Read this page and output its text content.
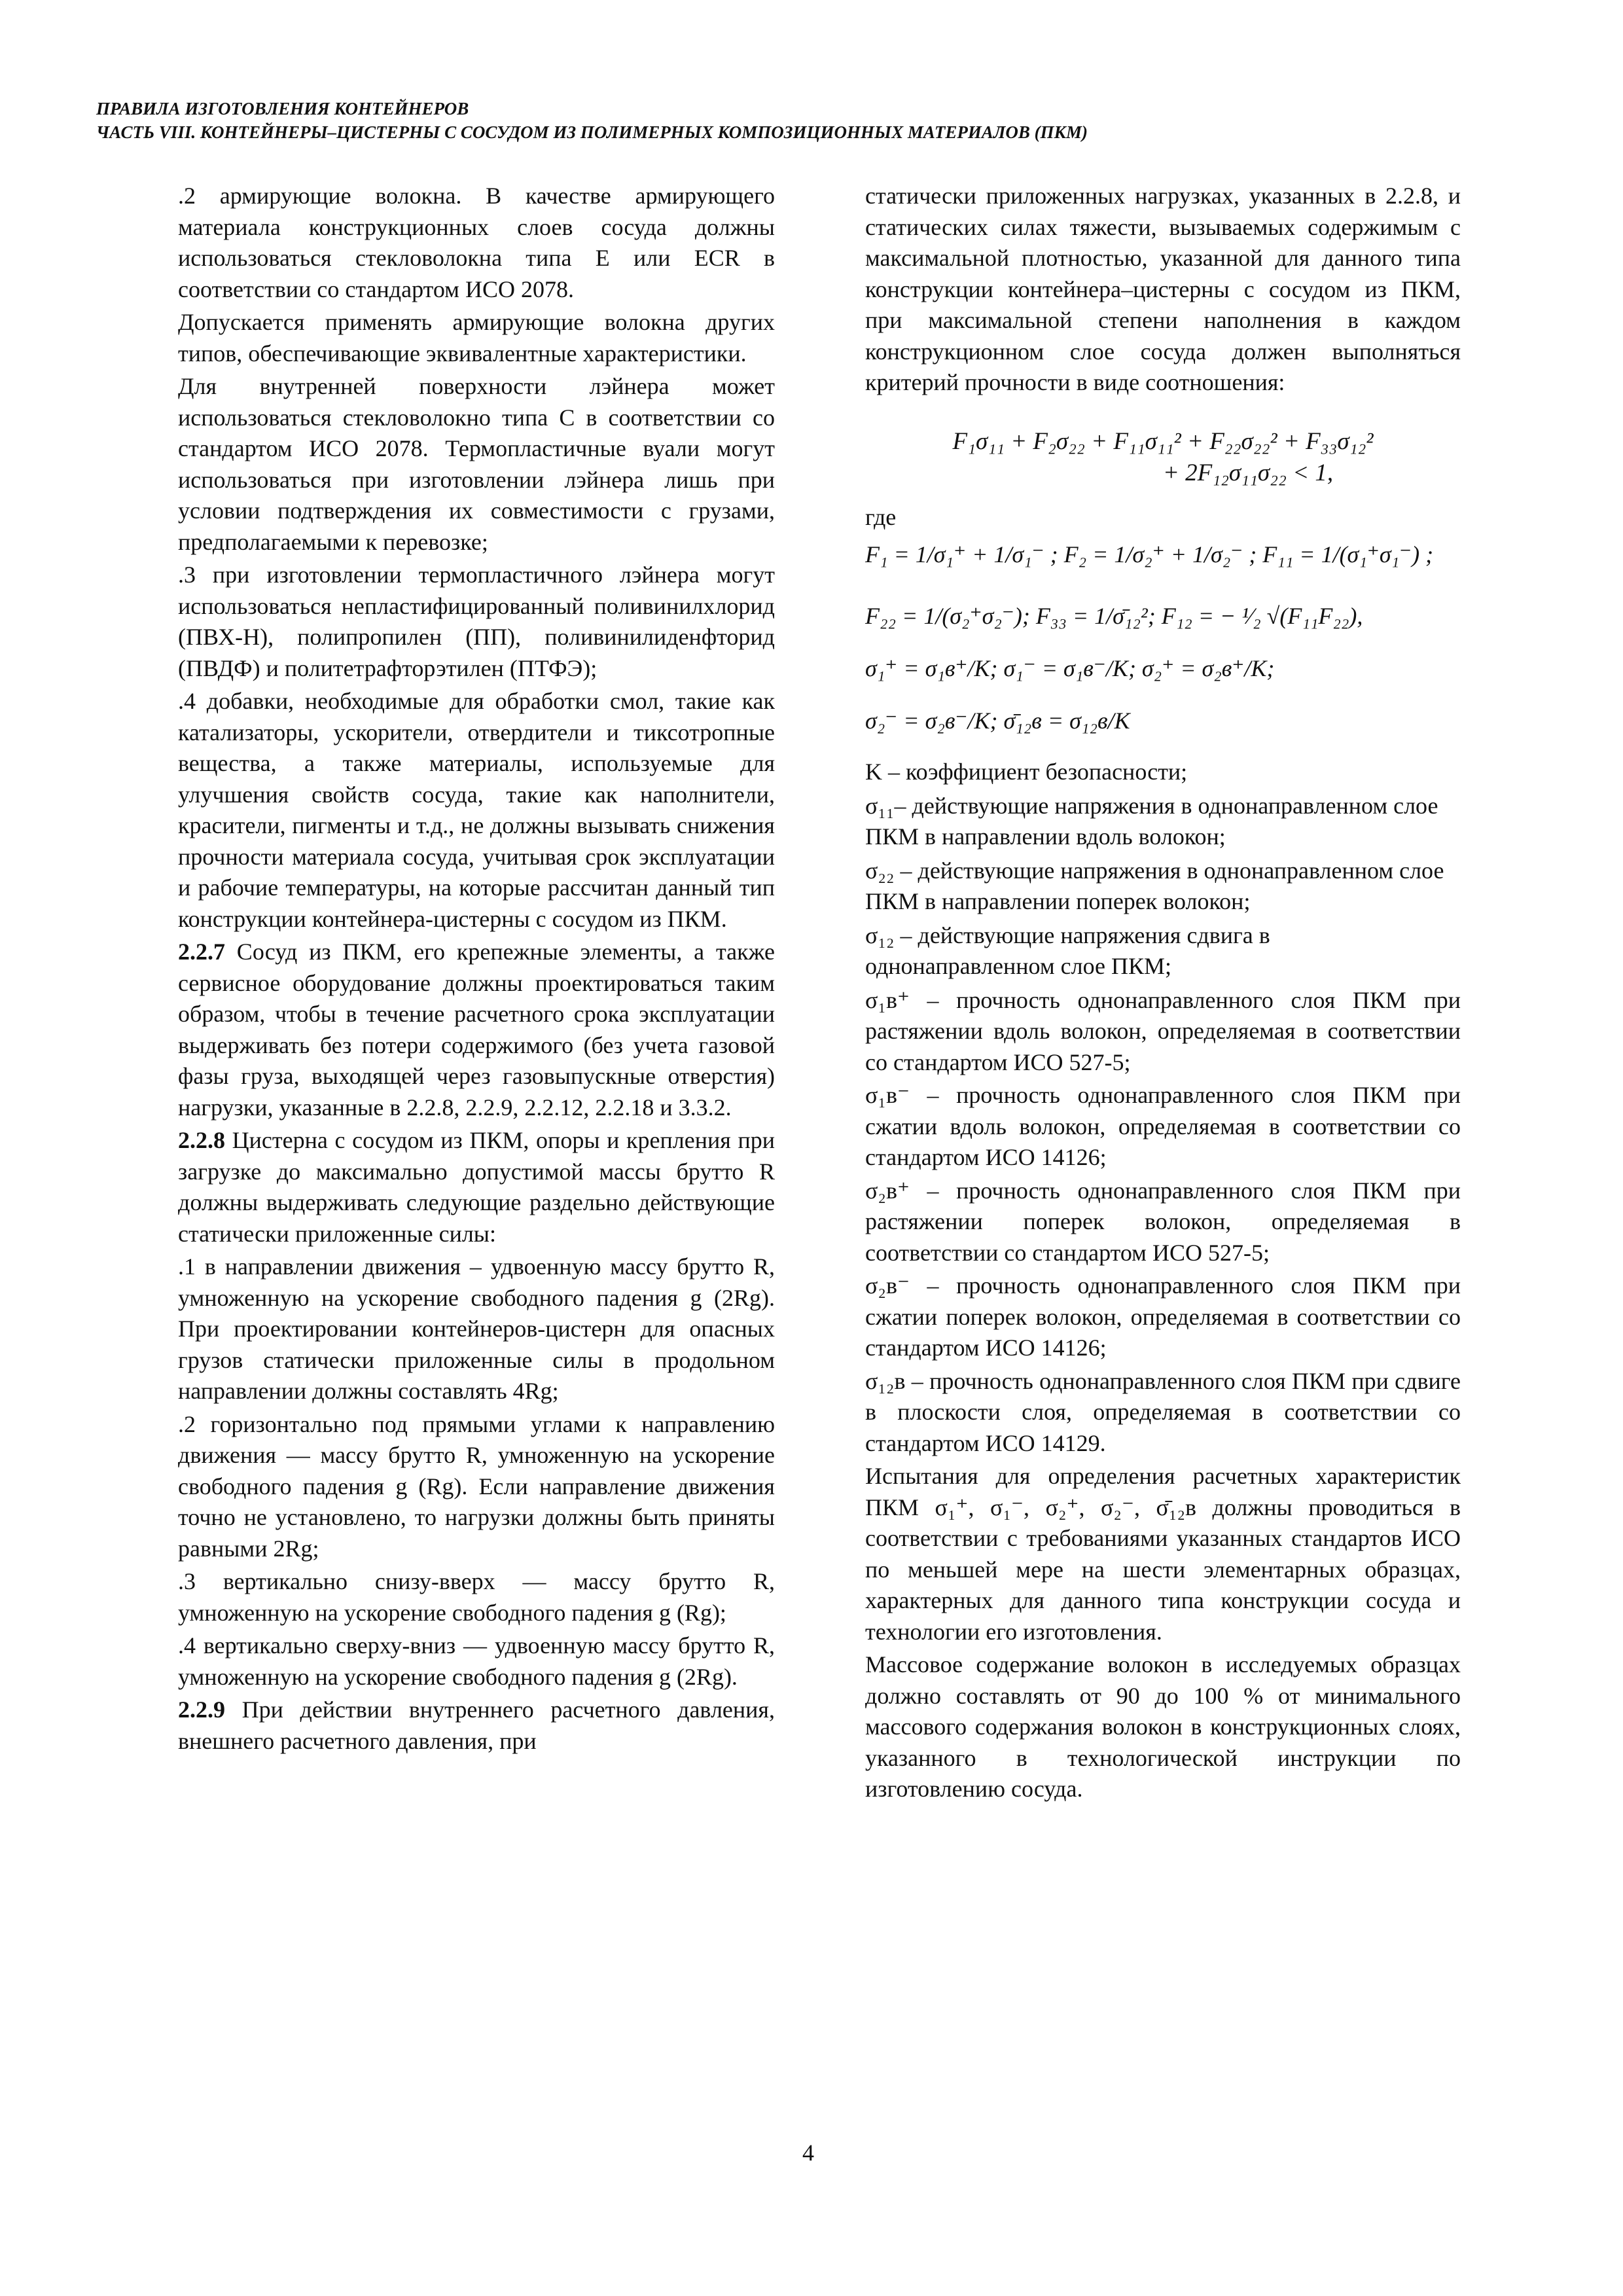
ПРАВИЛА ИЗГОТОВЛЕНИЯ КОНТЕЙНЕРОВ

ЧАСТЬ VIII. КОНТЕЙНЕРЫ–ЦИСТЕРНЫ С СОСУДОМ ИЗ ПОЛИМЕРНЫХ КОМПОЗИЦИОННЫХ МАТЕРИАЛОВ (ПКМ)

.2 армирующие волокна. В качестве армирующего материала конструкционных слоев сосуда должны использоваться стекловолокна типа E или ECR в соответствии со стандартом ИСО 2078.

Допускается применять армирующие волокна других типов, обеспечивающие эквивалентные характеристики.

Для внутренней поверхности лэйнера может использоваться стекловолокно типа C в соответствии со стандартом ИСО 2078. Термопластичные вуали могут использоваться при изготовлении лэйнера лишь при условии подтверждения их совместимости с грузами, предполагаемыми к перевозке;

.3 при изготовлении термопластичного лэйнера могут использоваться непластифицированный поливинилхлорид (ПВХ-Н), полипропилен (ПП), поливинилиденфторид (ПВДФ) и политетрафторэтилен (ПТФЭ);

.4 добавки, необходимые для обработки смол, такие как катализаторы, ускорители, отвердители и тиксотропные вещества, а также материалы, используемые для улучшения свойств сосуда, такие как наполнители, красители, пигменты и т.д., не должны вызывать снижения прочности материала сосуда, учитывая срок эксплуатации и рабочие температуры, на которые рассчитан данный тип конструкции контейнера-цистерны с сосудом из ПКМ.

2.2.7 Сосуд из ПКМ, его крепежные элементы, а также сервисное оборудование должны проектироваться таким образом, чтобы в течение расчетного срока эксплуатации выдерживать без потери содержимого (без учета газовой фазы груза, выходящей через газовыпускные отверстия) нагрузки, указанные в 2.2.8, 2.2.9, 2.2.12, 2.2.18 и 3.3.2.

2.2.8 Цистерна с сосудом из ПКМ, опоры и крепления при загрузке до максимально допустимой массы брутто R должны выдерживать следующие раздельно действующие статически приложенные силы:

.1 в направлении движения – удвоенную массу брутто R, умноженную на ускорение свободного падения g (2Rg). При проектировании контейнеров-цистерн для опасных грузов статически приложенные силы в продольном направлении должны составлять 4Rg;

.2 горизонтально под прямыми углами к направлению движения — массу брутто R, умноженную на ускорение свободного падения g (Rg). Если направление движения точно не установлено, то нагрузки должны быть приняты равными 2Rg;

.3 вертикально снизу-вверх — массу брутто R, умноженную на ускорение свободного падения g (Rg);

.4 вертикально сверху-вниз — удвоенную массу брутто R, умноженную на ускорение свободного падения g (2Rg).

2.2.9 При действии внутреннего расчетного давления, внешнего расчетного давления, при

статически приложенных нагрузках, указанных в 2.2.8, и статических силах тяжести, вызываемых содержимым с максимальной плотностью, указанной для данного типа конструкции контейнера–цистерны с сосудом из ПКМ, при максимальной степени наполнения в каждом конструкционном слое сосуда должен выполняться критерий прочности в виде соотношения:

F₁σ₁₁ + F₂σ₂₂ + F₁₁σ₁₁² + F₂₂σ₂₂² + F₃₃σ₁₂²
+ 2F₁₂σ₁₁σ₂₂ < 1,

где

F₁ = 1/σ₁⁺ + 1/σ₁⁻ ; F₂ = 1/σ₂⁺ + 1/σ₂⁻ ; F₁₁ = 1/(σ₁⁺σ₁⁻) ;
F₂₂ = 1/(σ₂⁺σ₂⁻); F₃₃ = 1/σ̄₁₂²; F₁₂ = − ¹⁄₂ √(F₁₁F₂₂),
σ₁⁺ = σ₁в⁺/K; σ₁⁻ = σ₁в⁻/K; σ₂⁺ = σ₂в⁺/K;
σ₂⁻ = σ₂в⁻/K; σ̄₁₂в = σ₁₂в/K

K – коэффициент безопасности;

σ₁₁– действующие напряжения в однонаправленном слое ПКМ в направлении вдоль волокон;

σ₂₂ – действующие напряжения в однонаправленном слое ПКМ в направлении поперек волокон;

σ₁₂ – действующие напряжения сдвига в однонаправленном слое ПКМ;

σ₁в⁺ – прочность однонаправленного слоя ПКМ при растяжении вдоль волокон, определяемая в соответствии со стандартом ИСО 527-5;

σ₁в⁻ – прочность однонаправленного слоя ПКМ при сжатии вдоль волокон, определяемая в соответствии со стандартом ИСО 14126;

σ₂в⁺ – прочность однонаправленного слоя ПКМ при растяжении поперек волокон, определяемая в соответствии со стандартом ИСО 527-5;

σ₂в⁻ – прочность однонаправленного слоя ПКМ при сжатии поперек волокон, определяемая в соответствии со стандартом ИСО 14126;

σ₁₂в – прочность однонаправленного слоя ПКМ при сдвиге в плоскости слоя, определяемая в соответствии со стандартом ИСО 14129.

Испытания для определения расчетных характеристик ПКМ σ₁⁺, σ₁⁻, σ₂⁺, σ₂⁻, σ̄₁₂в должны проводиться в соответствии с требованиями указанных стандартов ИСО по меньшей мере на шести элементарных образцах, характерных для данного типа конструкции сосуда и технологии его изготовления.

Массовое содержание волокон в исследуемых образцах должно составлять от 90 до 100 % от минимального массового содержания волокон в конструкционных слоях, указанного в технологической инструкции по изготовлению сосуда.

4
